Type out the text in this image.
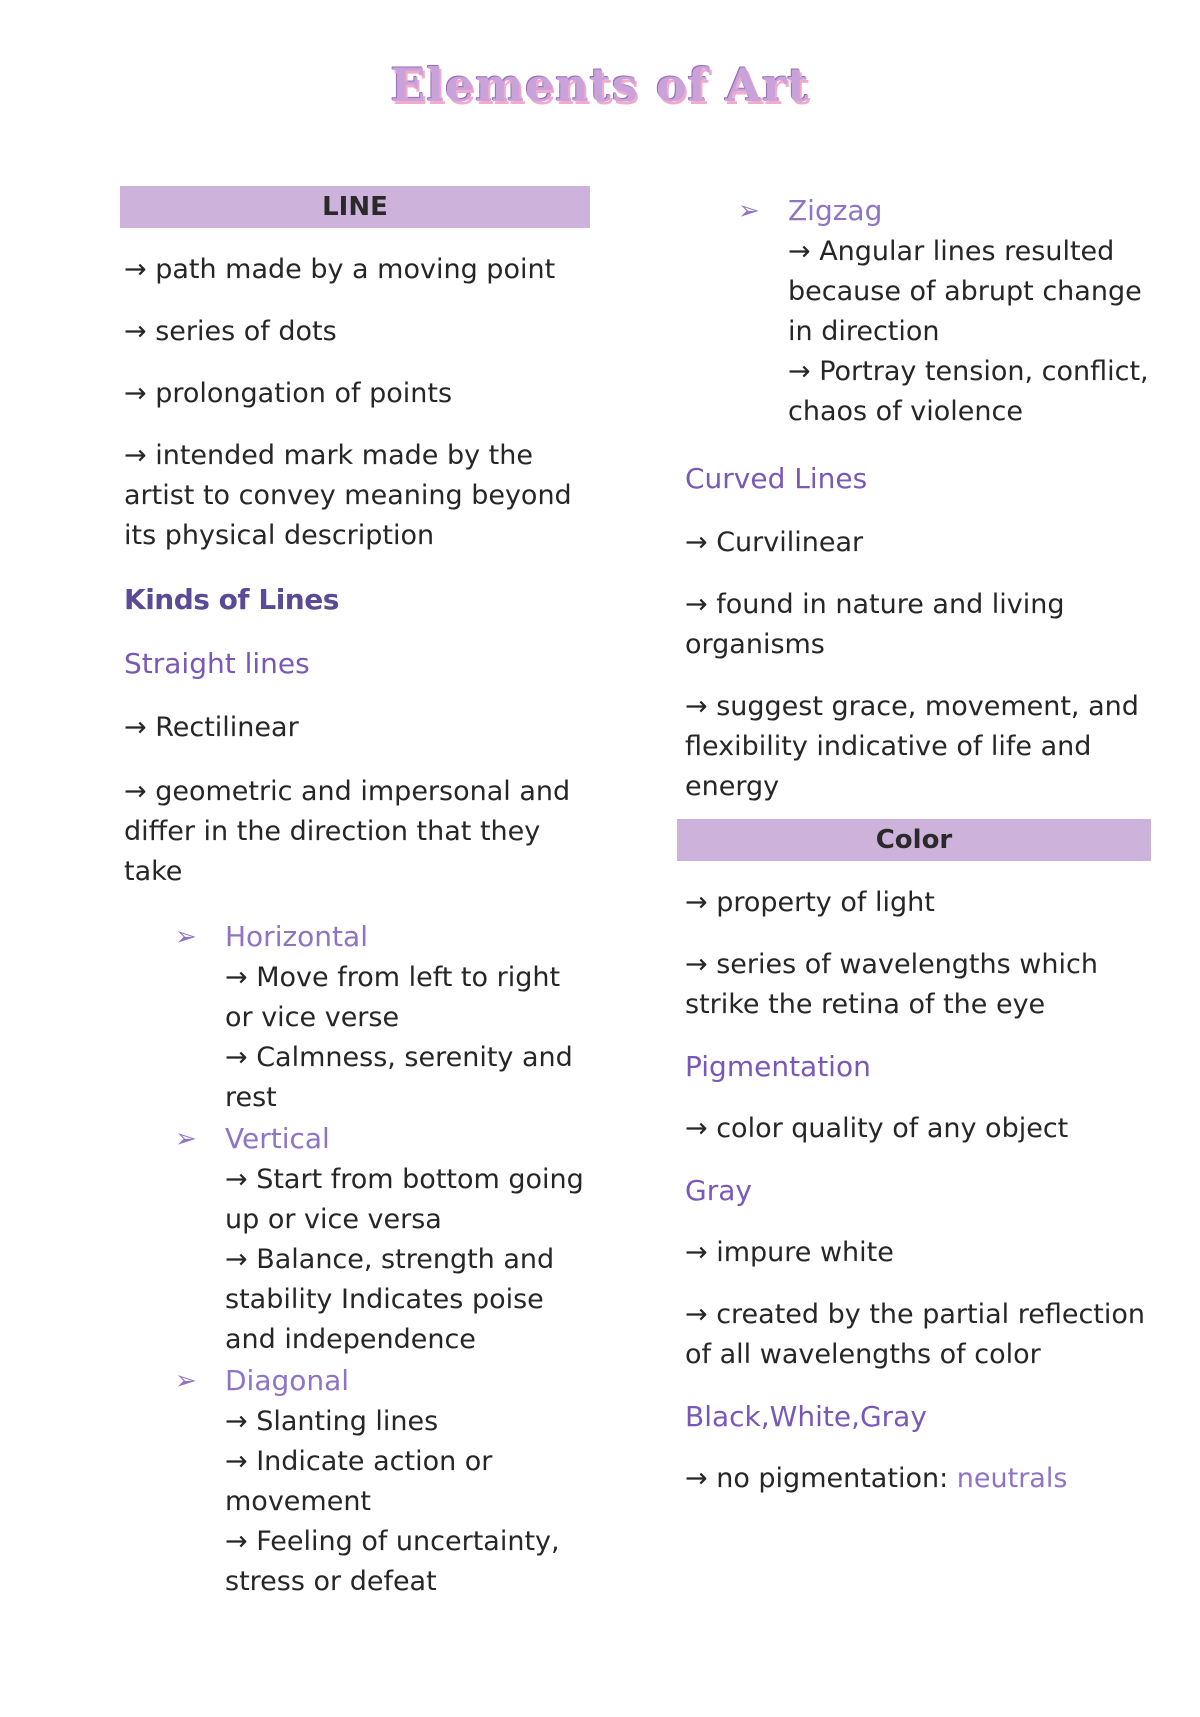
Elements of Art
LINE

→ path made by a moving point

→ series of dots

→ prolongation of points

→ intended mark made by the artist to convey meaning beyond its physical description

Kinds of Lines
Straight lines

→ Rectilinear

→ geometric and impersonal and differ in the direction that they take

➢ Horizontal

→ Move from left to right or vice verse

→ Calmness, serenity and rest

➢ Vertical

→ Start from bottom going up or vice versa

→ Balance, strength and stability Indicates poise and independence

➢ Diagonal

→ Slanting lines

→ Indicate action or movement

→ Feeling of uncertainty, stress or defeat

➢ Zigzag

→ Angular lines resulted because of abrupt change in direction

→ Portray tension, conflict, chaos of violence

Curved Lines

→ Curvilinear

→ found in nature and living organisms

→ suggest grace, movement, and flexibility indicative of life and energy

Color

→ property of light

→ series of wavelengths which strike the retina of the eye

Pigmentation

→ color quality of any object

Gray

→ impure white

→ created by the partial reflection of all wavelengths of color

Black,White,Gray

→ no pigmentation: neutrals
